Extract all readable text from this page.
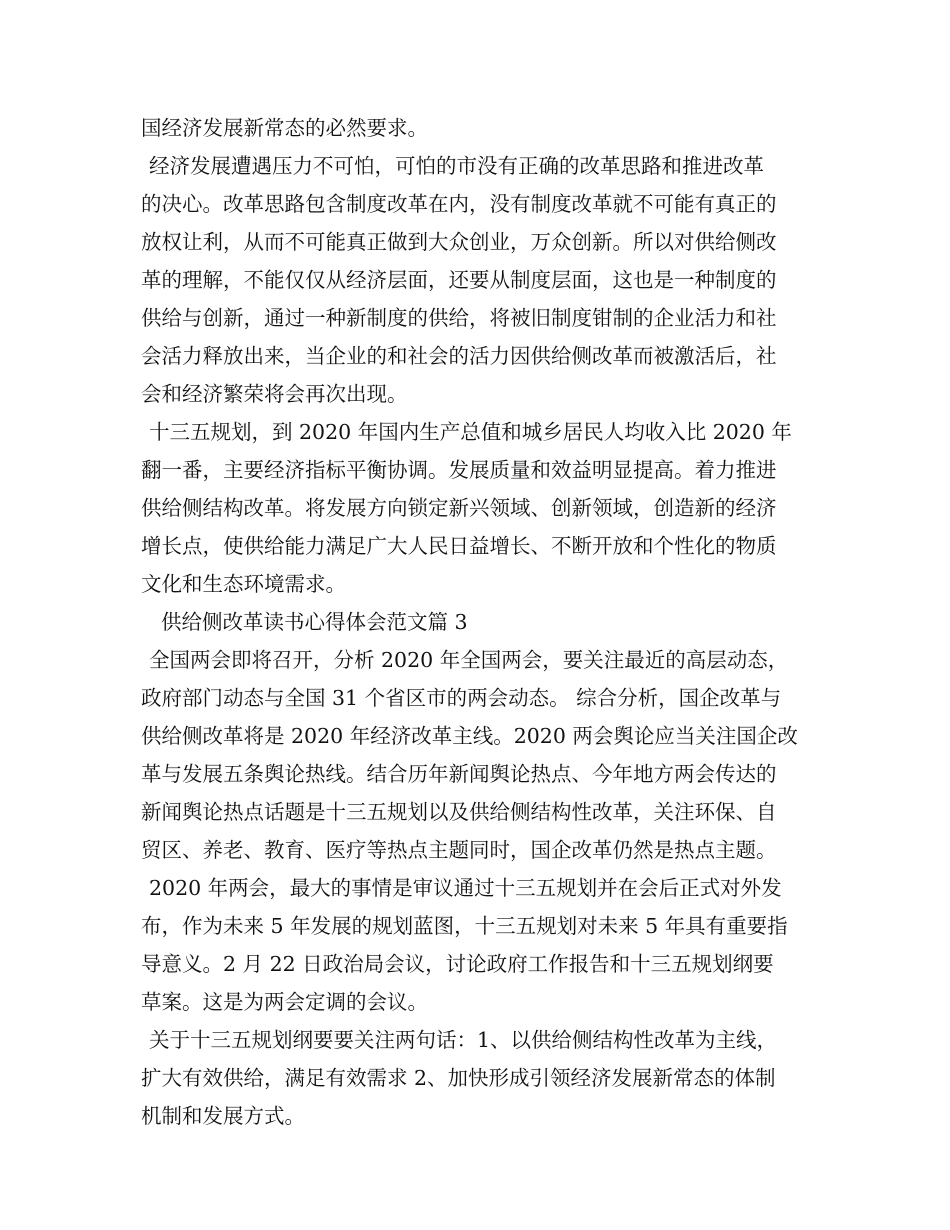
国经济发展新常态的必然要求。
经济发展遭遇压力不可怕，可怕的市没有正确的改革思路和推进改革
的决心。改革思路包含制度改革在内，没有制度改革就不可能有真正的
放权让利，从而不可能真正做到大众创业，万众创新。所以对供给侧改
革的理解，不能仅仅从经济层面，还要从制度层面，这也是一种制度的
供给与创新，通过一种新制度的供给，将被旧制度钳制的企业活力和社
会活力释放出来，当企业的和社会的活力因供给侧改革而被激活后，社
会和经济繁荣将会再次出现。
十三五规划，到 2020 年国内生产总值和城乡居民人均收入比 2020 年
翻一番，主要经济指标平衡协调。发展质量和效益明显提高。着力推进
供给侧结构改革。将发展方向锁定新兴领域、创新领域，创造新的经济
增长点，使供给能力满足广大人民日益增长、不断开放和个性化的物质
文化和生态环境需求。
供给侧改革读书心得体会范文篇 3
全国两会即将召开，分析 2020 年全国两会，要关注最近的高层动态，
政府部门动态与全国 31 个省区市的两会动态。 综合分析，国企改革与
供给侧改革将是 2020 年经济改革主线。2020 两会舆论应当关注国企改
革与发展五条舆论热线。结合历年新闻舆论热点、今年地方两会传达的
新闻舆论热点话题是十三五规划以及供给侧结构性改革，关注环保、自
贸区、养老、教育、医疗等热点主题同时，国企改革仍然是热点主题。
2020 年两会，最大的事情是审议通过十三五规划并在会后正式对外发
布，作为未来 5 年发展的规划蓝图，十三五规划对未来 5 年具有重要指
导意义。2 月 22 日政治局会议，讨论政府工作报告和十三五规划纲要
草案。这是为两会定调的会议。
关于十三五规划纲要要关注两句话：1、以供给侧结构性改革为主线，
扩大有效供给，满足有效需求 2、加快形成引领经济发展新常态的体制
机制和发展方式。
